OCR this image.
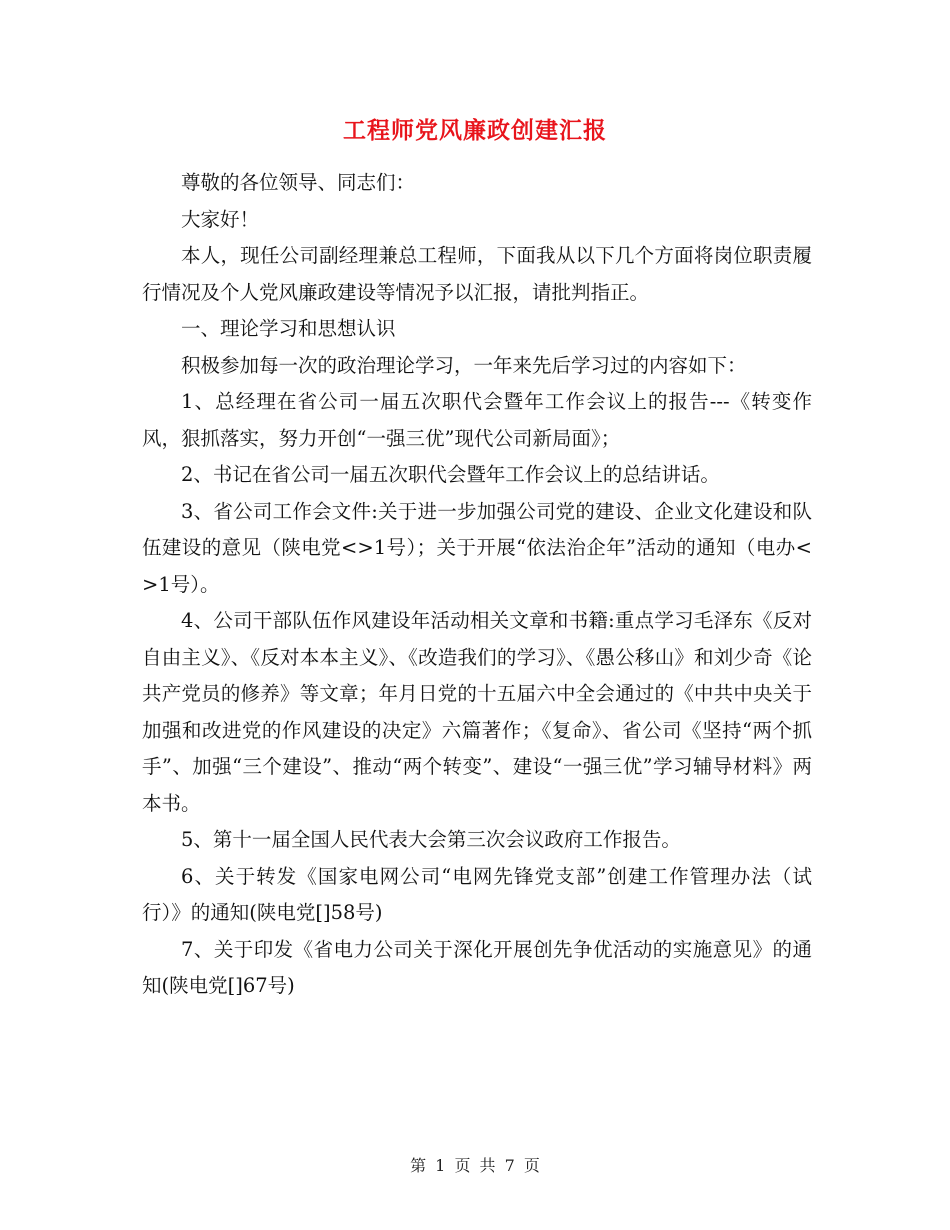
工程师党风廉政创建汇报

尊敬的各位领导、同志们：

大家好！

本人，现任公司副经理兼总工程师，下面我从以下几个方面将岗位职责履行情况及个人党风廉政建设等情况予以汇报，请批判指正。

一、理论学习和思想认识

积极参加每一次的政治理论学习，一年来先后学习过的内容如下：

1、总经理在省公司一届五次职代会暨年工作会议上的报告---《转变作风，狠抓落实，努力开创“一强三优”现代公司新局面》；

2、书记在省公司一届五次职代会暨年工作会议上的总结讲话。

3、省公司工作会文件:关于进一步加强公司党的建设、企业文化建设和队伍建设的意见（陕电党<>1号）；关于开展“依法治企年”活动的通知（电办<>1号）。

4、公司干部队伍作风建设年活动相关文章和书籍:重点学习毛泽东《反对自由主义》、《反对本本主义》、《改造我们的学习》、《愚公移山》和刘少奇《论共产党员的修养》等文章；年月日党的十五届六中全会通过的《中共中央关于加强和改进党的作风建设的决定》六篇著作；《复命》、省公司《坚持“两个抓手”、加强“三个建设”、推动“两个转变”、建设“一强三优”学习辅导材料》两本书。

5、第十一届全国人民代表大会第三次会议政府工作报告。

6、关于转发《国家电网公司“电网先锋党支部”创建工作管理办法（试行）》的通知(陕电党[]58号)

7、关于印发《省电力公司关于深化开展创先争优活动的实施意见》的通知(陕电党[]67号)

第 1 页 共 7 页
